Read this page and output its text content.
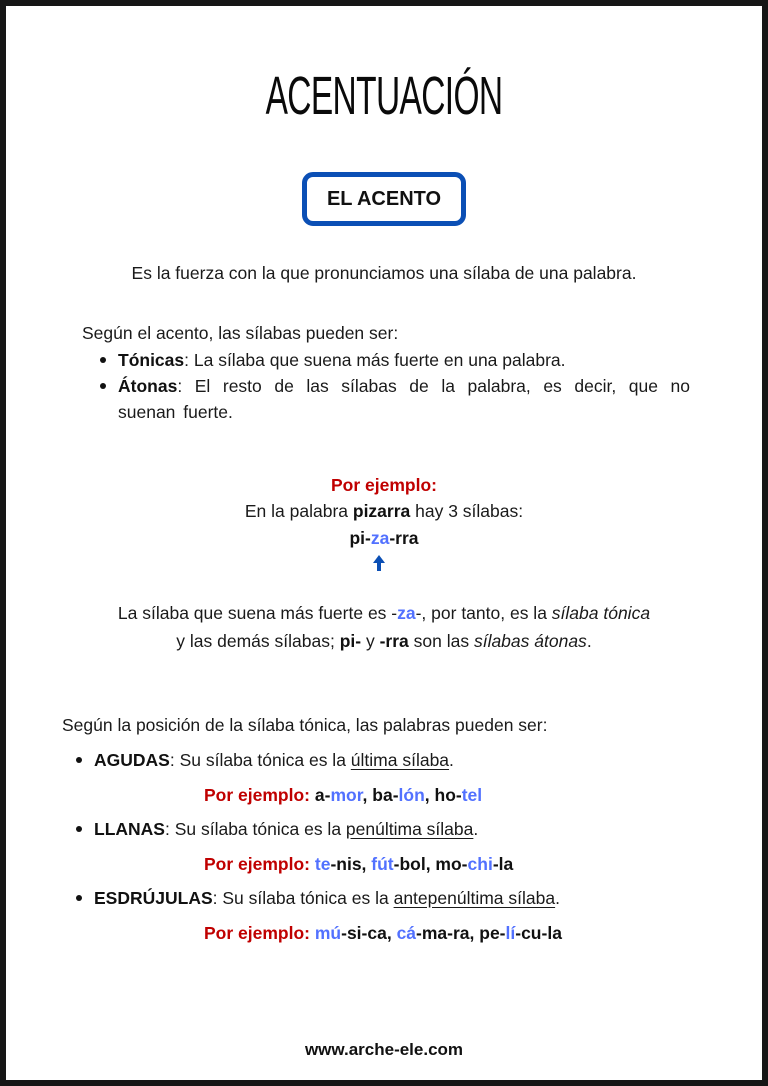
ACENTUACIÓN
EL ACENTO
Es la fuerza con la que pronunciamos una sílaba de una palabra.
Según el acento, las sílabas pueden ser:
Tónicas: La sílaba que suena más fuerte en una palabra.
Átonas: El resto de las sílabas de la palabra, es decir, que no suenan fuerte.
Por ejemplo:
En la palabra pizarra hay 3 sílabas:
pi-za-rra
La sílaba que suena más fuerte es -za-, por tanto, es la sílaba tónica
y las demás sílabas; pi- y -rra son las sílabas átonas.
Según la posición de la sílaba tónica, las palabras pueden ser:
AGUDAS: Su sílaba tónica es la última sílaba.
Por ejemplo: a-mor, ba-lón, ho-tel
LLANAS: Su sílaba tónica es la penúltima sílaba.
Por ejemplo: te-nis, fút-bol, mo-chi-la
ESDRÚJULAS: Su sílaba tónica es la antepenúltima sílaba.
Por ejemplo: mú-si-ca, cá-ma-ra, pe-lí-cu-la
www.arche-ele.com
